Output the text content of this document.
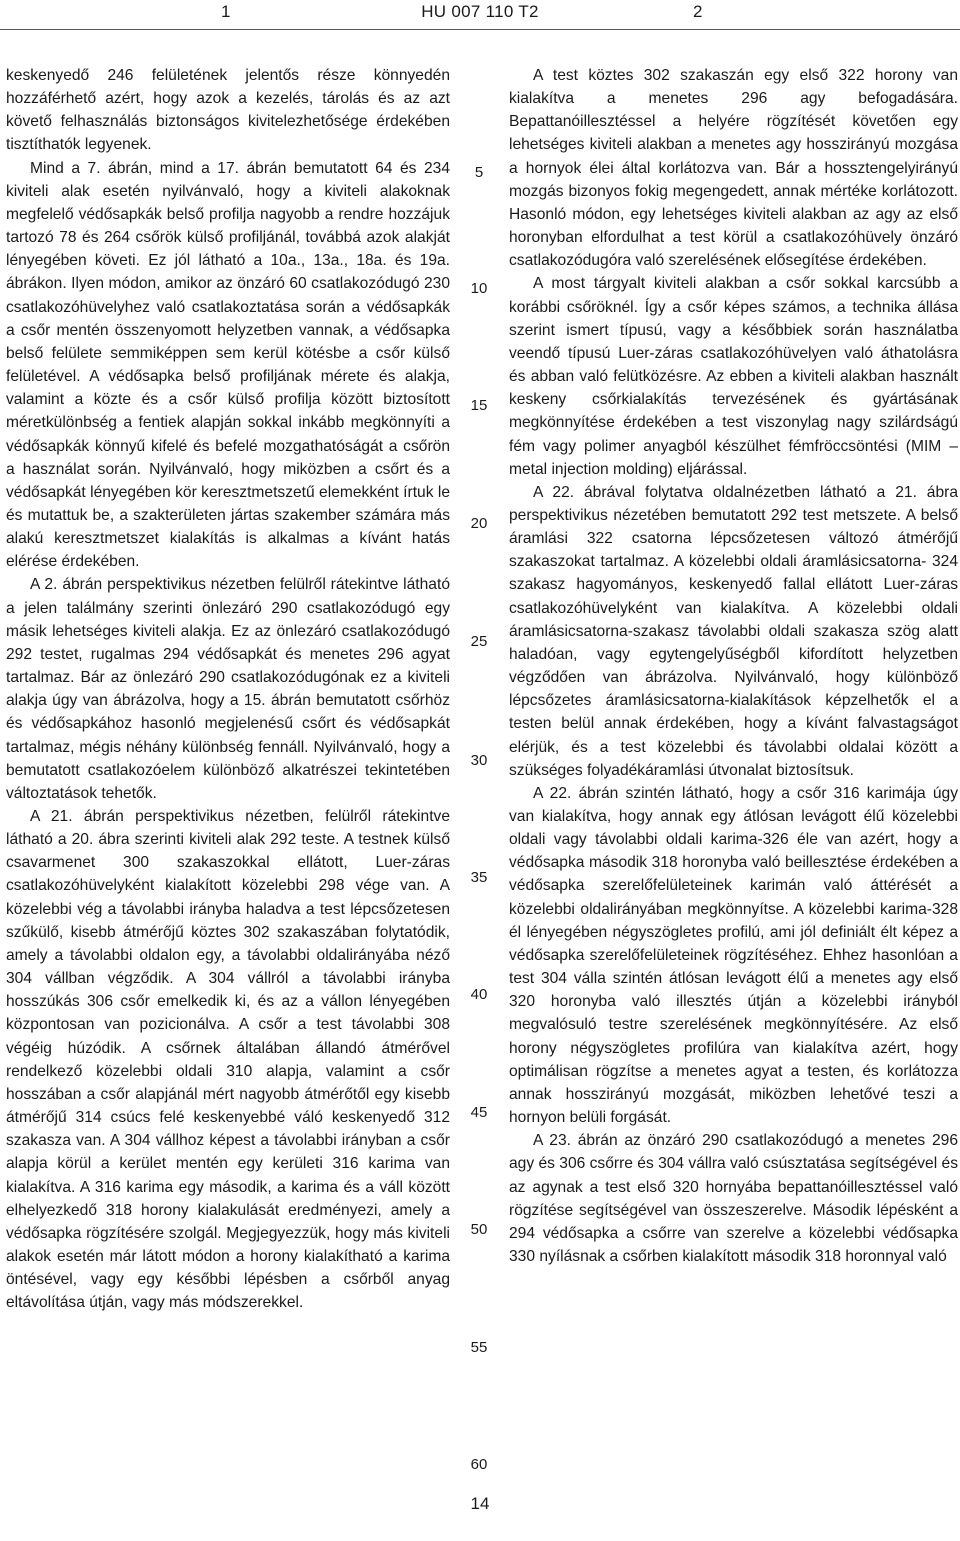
1	HU 007 110 T2	2

keskenyedő 246 felületének jelentős része könnyedén hozzáférhető azért, hogy azok a kezelés, tárolás és az azt követő felhasználás biztonságos kivitelezhetősége érdekében tisztíthatók legyenek.

Mind a 7. ábrán, mind a 17. ábrán bemutatott 64 és 234 kiviteli alak esetén nyilvánvaló, hogy a kiviteli alakoknak megfelelő védősapkák belső profilja nagyobb a rendre hozzájuk tartozó 78 és 264 csőrök külső profiljánál, továbbá azok alakját lényegében követi. Ez jól látható a 10a., 13a., 18a. és 19a. ábrákon. Ilyen módon, amikor az önzáró 60 csatlakozódugó 230 csatlakozóhüvelyhez való csatlakoztatása során a védősapkák a csőr mentén összenyomott helyzetben vannak, a védősapka belső felülete semmiképpen sem kerül kötésbe a csőr külső felületével. A védősapka belső profiljának mérete és alakja, valamint a közte és a csőr külső profilja között biztosított méretkülönbség a fentiek alapján sokkal inkább megkönnyíti a védősapkák könnyű kifelé és befelé mozgathatóságát a csőrön a használat során. Nyilvánvaló, hogy miközben a csőrt és a védősapkát lényegében kör keresztmetszetű elemekként írtuk le és mutattuk be, a szakterületen jártas szakember számára más alakú keresztmetszet kialakítás is alkalmas a kívánt hatás elérése érdekében.

A 2. ábrán perspektivikus nézetben felülről rátekintve látható a jelen találmány szerinti önlezáró 290 csatlakozódugó egy másik lehetséges kiviteli alakja. Ez az önlezáró csatlakozódugó 292 testet, rugalmas 294 védősapkát és menetes 296 agyat tartalmaz. Bár az önlezáró 290 csatlakozódugónak ez a kiviteli alakja úgy van ábrázolva, hogy a 15. ábrán bemutatott csőrhöz és védősapkához hasonló megjelenésű csőrt és védősapkát tartalmaz, mégis néhány különbség fennáll. Nyilvánvaló, hogy a bemutatott csatlakozóelem különböző alkatrészei tekintetében változtatások tehetők.

A 21. ábrán perspektivikus nézetben, felülről rátekintve látható a 20. ábra szerinti kiviteli alak 292 teste. A testnek külső csavarmenet 300 szakaszokkal ellátott, Luer-záras csatlakozóhüvelyként kialakított közelebbi 298 vége van. A közelebbi vég a távolabbi irányba haladva a test lépcsőzetesen szűkülő, kisebb átmérőjű köztes 302 szakaszában folytatódik, amely a távolabbi oldalon egy, a távolabbi oldalirányába néző 304 vállban végződik. A 304 vállról a távolabbi irányba hosszúkás 306 csőr emelkedik ki, és az a vállon lényegében központosan van pozicionálva. A csőr a test távolabbi 308 végéig húzódik. A csőrnek általában állandó átmérővel rendelkező közelebbi oldali 310 alapja, valamint a csőr hosszában a csőr alapjánál mért nagyobb átmérőtől egy kisebb átmérőjű 314 csúcs felé keskenyebbé váló keskenyedő 312 szakasza van. A 304 vállhoz képest a távolabbi irányban a csőr alapja körül a kerület mentén egy kerületi 316 karima van kialakítva. A 316 karima egy második, a karima és a váll között elhelyezkedő 318 horony kialakulását eredményezi, amely a védősapka rögzítésére szolgál. Megjegyezzük, hogy más kiviteli alakok esetén már látott módon a horony kialakítható a karima öntésével, vagy egy későbbi lépésben a csőrből anyag eltávolítása útján, vagy más módszerekkel.

A test köztes 302 szakaszán egy első 322 horony van kialakítva a menetes 296 agy befogadására. Bepattanóillesztéssel a helyére rögzítését követően egy lehetséges kiviteli alakban a menetes agy hosszirányú mozgása a hornyok élei által korlátozva van. Bár a hossztengelyirányú mozgás bizonyos fokig megengedett, annak mértéke korlátozott. Hasonló módon, egy lehetséges kiviteli alakban az agy az első horonyban elfordulhat a test körül a csatlakozóhüvely önzáró csatlakozódugóra való szerelésének elősegítése érdekében.

A most tárgyalt kiviteli alakban a csőr sokkal karcsúbb a korábbi csőröknél. Így a csőr képes számos, a technika állása szerint ismert típusú, vagy a későbbiek során használatba veendő típusú Luer-záras csatlakozóhüvelyen való áthatolásra és abban való felütközésre. Az ebben a kiviteli alakban használt keskeny csőrkialakítás tervezésének és gyártásának megkönnyítése érdekében a test viszonylag nagy szilárdságú fém vagy polimer anyagból készülhet fémfröccsöntési (MIM – metal injection molding) eljárással.

A 22. ábrával folytatva oldalnézetben látható a 21. ábra perspektivikus nézetében bemutatott 292 test metszete. A belső áramlási 322 csatorna lépcsőzetesen változó átmérőjű szakaszokat tartalmaz. A közelebbi oldali áramlásicsatorna- 324 szakasz hagyományos, keskenyedő fallal ellátott Luer-záras csatlakozóhüvelyként van kialakítva. A közelebbi oldali áramlásicsatorna-szakasz távolabbi oldali szakasza szög alatt haladóan, vagy egytengelyűségből kifordított helyzetben végződően van ábrázolva. Nyilvánvaló, hogy különböző lépcsőzetes áramlásicsatorna-kialakítások képzelhetők el a testen belül annak érdekében, hogy a kívánt falvastagságot elérjük, és a test közelebbi és távolabbi oldalai között a szükséges folyadékáramlási útvonalat biztosítsuk.

A 22. ábrán szintén látható, hogy a csőr 316 karimája úgy van kialakítva, hogy annak egy átlósan levágott élű közelebbi oldali vagy távolabbi oldali karima-326 éle van azért, hogy a védősapka második 318 horonyba való beillesztése érdekében a védősapka szerelőfelületeinek karimán való áttérését a közelebbi oldalirányában megkönnyítse. A közelebbi karima-328 él lényegében négyszögletes profilú, ami jól definiált élt képez a védősapka szerelőfelületeinek rögzítéséhez. Ehhez hasonlóan a test 304 válla szintén átlósan levágott élű a menetes agy első 320 horonyba való illesztés útján a közelebbi irányból megvalósuló testre szerelésének megkönnyítésére. Az első horony négyszögletes profilúra van kialakítva azért, hogy optimálisan rögzítse a menetes agyat a testen, és korlátozza annak hosszirányú mozgását, miközben lehetővé teszi a hornyon belüli forgását.

A 23. ábrán az önzáró 290 csatlakozódugó a menetes 296 agy és 306 csőrre és 304 vállra való csúsztatása segítségével és az agynak a test első 320 hornyába bepattanóillesztéssel való rögzítése segítségével van összeszerelve. Második lépésként a 294 védősapka a csőrre van szerelve a közelebbi védősapka 330 nyílásnak a csőrben kialakított második 318 horonnyal való

5
10
15
20
25
30
35
40
45
50
55
60
14
